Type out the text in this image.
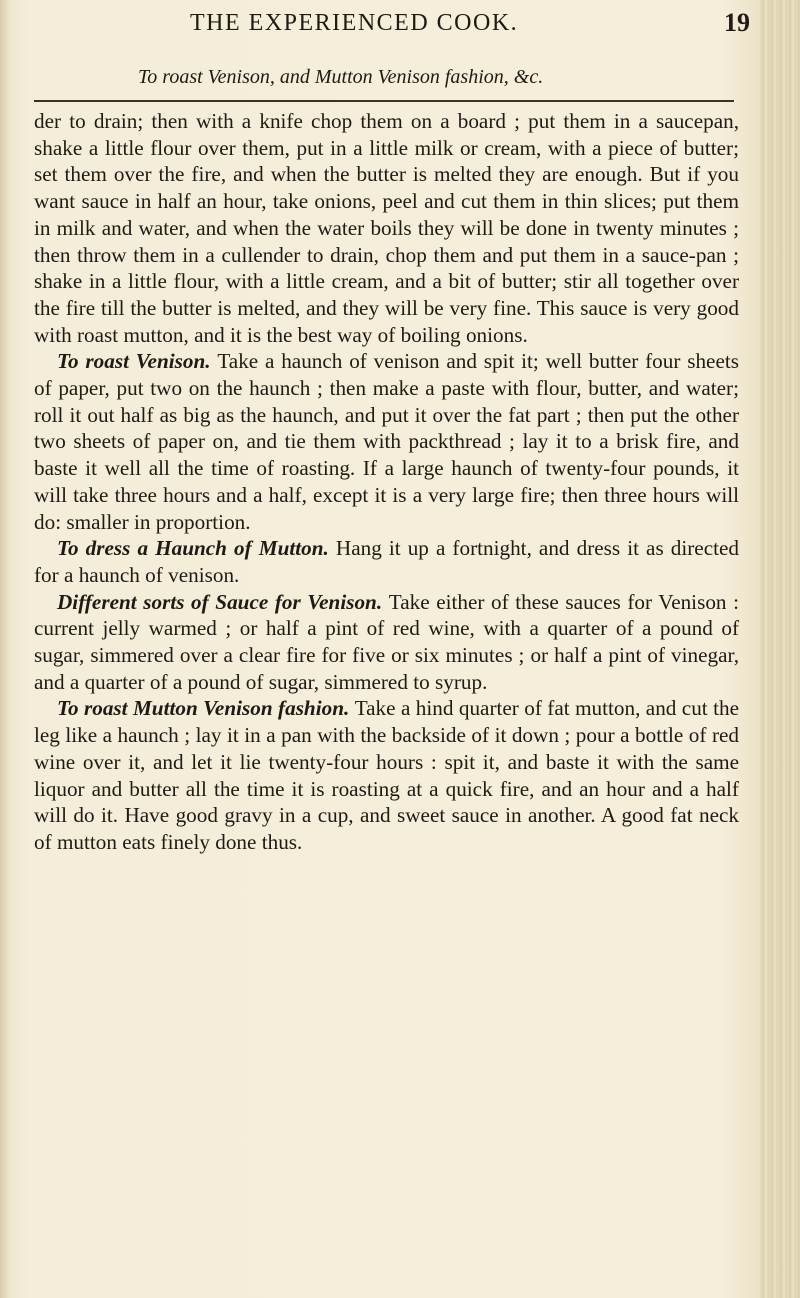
THE EXPERIENCED COOK.	19
To roast Venison, and Mutton Venison fashion, &c.

der to drain; then with a knife chop them on a board ; put them in a saucepan, shake a little flour over them, put in a little milk or cream, with a piece of butter; set them over the fire, and when the butter is melted they are enough. But if you want sauce in half an hour, take onions, peel and cut them in thin slices; put them in milk and water, and when the water boils they will be done in twenty minutes ; then throw them in a cullender to drain, chop them and put them in a sauce-pan ; shake in a little flour, with a little cream, and a bit of butter; stir all together over the fire till the butter is melted, and they will be very fine. This sauce is very good with roast mutton, and it is the best way of boiling onions.

To roast Venison. Take a haunch of venison and spit it; well butter four sheets of paper, put two on the haunch ; then make a paste with flour, butter, and water; roll it out half as big as the haunch, and put it over the fat part ; then put the other two sheets of paper on, and tie them with packthread ; lay it to a brisk fire, and baste it well all the time of roasting. If a large haunch of twenty-four pounds, it will take three hours and a half, except it is a very large fire; then three hours will do: smaller in proportion.

To dress a Haunch of Mutton. Hang it up a fortnight, and dress it as directed for a haunch of venison.

Different sorts of Sauce for Venison. Take either of these sauces for Venison : current jelly warmed ; or half a pint of red wine, with a quarter of a pound of sugar, simmered over a clear fire for five or six minutes ; or half a pint of vinegar, and a quarter of a pound of sugar, simmered to syrup.

To roast Mutton Venison fashion. Take a hind quarter of fat mutton, and cut the leg like a haunch ; lay it in a pan with the backside of it down ; pour a bottle of red wine over it, and let it lie twenty-four hours : spit it, and baste it with the same liquor and butter all the time it is roasting at a quick fire, and an hour and a half will do it. Have good gravy in a cup, and sweet sauce in another. A good fat neck of mutton eats finely done thus.
